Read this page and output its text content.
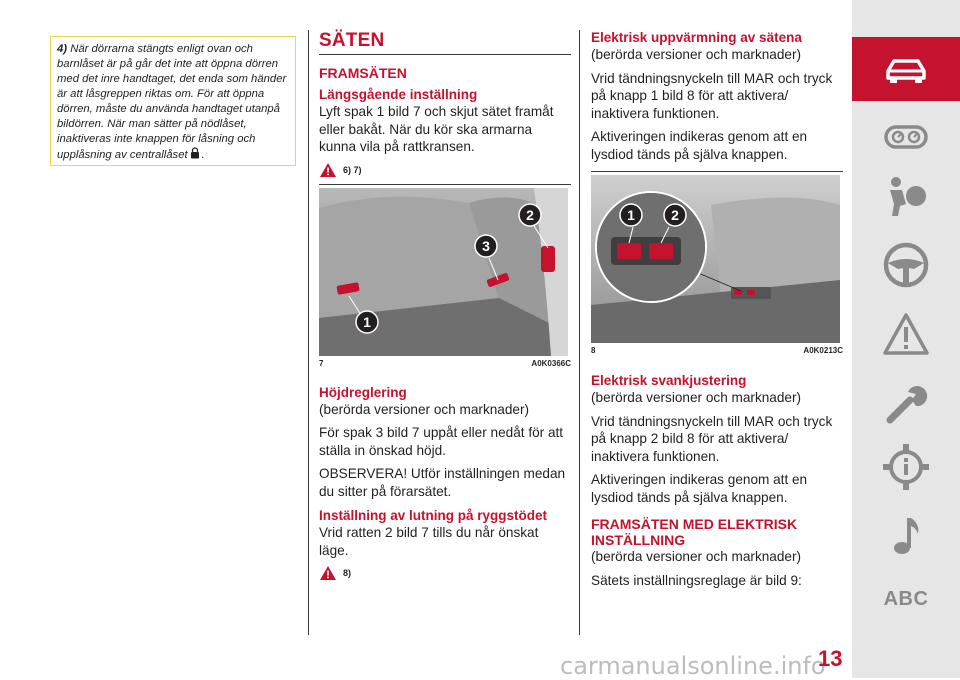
4) När dörrarna stängts enligt ovan och barnlåset är på går det inte att öppna dörren med det inre handtaget, det enda som händer är att låsgreppen riktas om. För att öppna dörren, måste du använda handtaget utanpå bildörren. När man sätter på nödlåset, inaktiveras inte knappen för låsning och upplåsning av centrallåset .
SÄTEN
FRAMSÄTEN
Längsgående inställning

Lyft spak 1 bild 7 och skjut sätet framåt eller bakåt. När du kör ska armarna kunna vila på rattkransen.

6) 7)
1
2
3
7	A0K0366C
Höjdreglering

(berörda versioner och marknader)

För spak 3 bild 7 uppåt eller nedåt för att ställa in önskad höjd.

OBSERVERA! Utför inställningen medan du sitter på förarsätet.

Inställning av lutning på ryggstödet

Vrid ratten 2 bild 7 tills du når önskat läge.

8)
Elektrisk uppvärmning av sätena

(berörda versioner och marknader)

Vrid tändningsnyckeln till MAR och tryck på knapp 1 bild 8 för att aktivera/ inaktivera funktionen.

Aktiveringen indikeras genom att en lysdiod tänds på själva knappen.

1	2
8	A0K0213C
Elektrisk svankjustering

(berörda versioner och marknader)

Vrid tändningsnyckeln till MAR och tryck på knapp 2 bild 8 för att aktivera/ inaktivera funktionen.

Aktiveringen indikeras genom att en lysdiod tänds på själva knappen.

FRAMSÄTEN MED ELEKTRISK INSTÄLLNING

(berörda versioner och marknader)

Sätets inställningsreglage är bild 9:

ABC
carmanualsonline.info
13
